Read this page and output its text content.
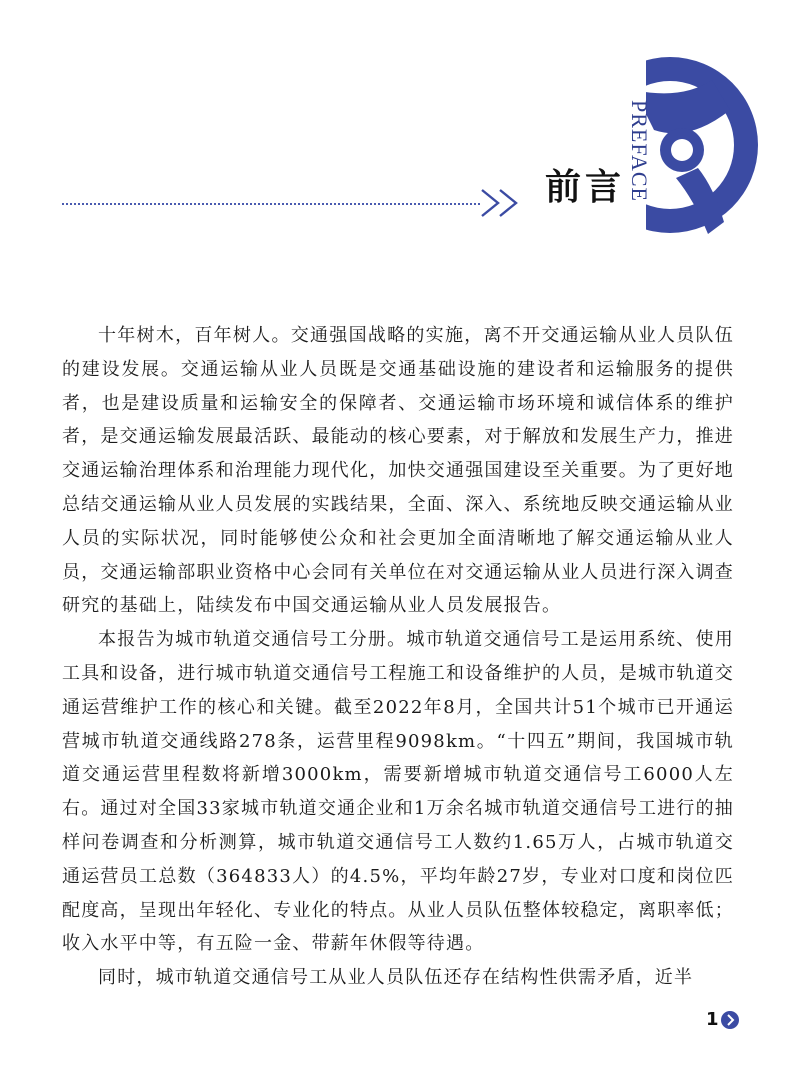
PREFACE
前言

十年树木，百年树人。交通强国战略的实施，离不开交通运输从业人员队伍的建设发展。交通运输从业人员既是交通基础设施的建设者和运输服务的提供者，也是建设质量和运输安全的保障者、交通运输市场环境和诚信体系的维护者，是交通运输发展最活跃、最能动的核心要素，对于解放和发展生产力，推进交通运输治理体系和治理能力现代化，加快交通强国建设至关重要。为了更好地总结交通运输从业人员发展的实践结果，全面、深入、系统地反映交通运输从业人员的实际状况，同时能够使公众和社会更加全面清晰地了解交通运输从业人员，交通运输部职业资格中心会同有关单位在对交通运输从业人员进行深入调查研究的基础上，陆续发布中国交通运输从业人员发展报告。

本报告为城市轨道交通信号工分册。城市轨道交通信号工是运用系统、使用工具和设备，进行城市轨道交通信号工程施工和设备维护的人员，是城市轨道交通运营维护工作的核心和关键。截至2022年8月，全国共计51个城市已开通运营城市轨道交通线路278条，运营里程9098km。“十四五”期间，我国城市轨道交通运营里程数将新增3000km，需要新增城市轨道交通信号工6000人左右。通过对全国33家城市轨道交通企业和1万余名城市轨道交通信号工进行的抽样问卷调查和分析测算，城市轨道交通信号工人数约1.65万人，占城市轨道交通运营员工总数（364833人）的4.5%，平均年龄27岁，专业对口度和岗位匹配度高，呈现出年轻化、专业化的特点。从业人员队伍整体较稳定，离职率低；收入水平中等，有五险一金、带薪年休假等待遇。

同时，城市轨道交通信号工从业人员队伍还存在结构性供需矛盾，近半

1
